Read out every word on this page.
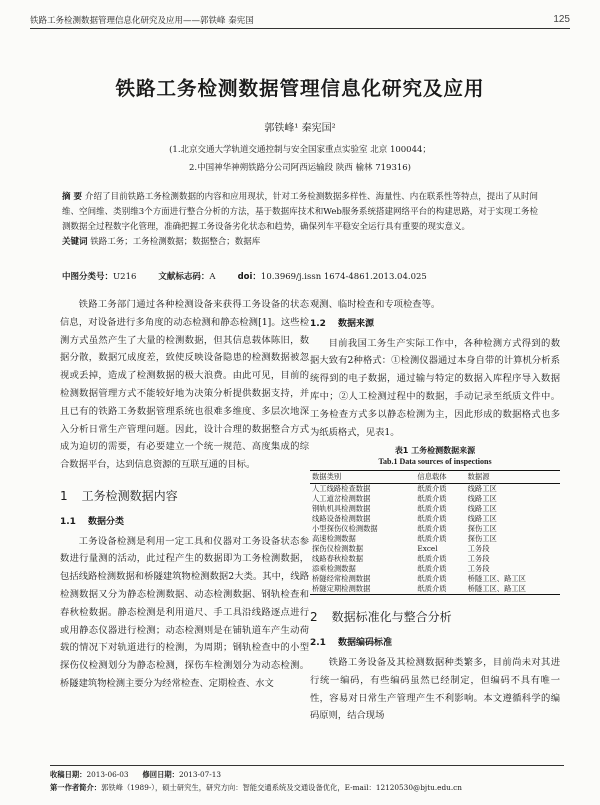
铁路工务检测数据管理信息化研究及应用——郭铁峰 秦宪国	125
铁路工务检测数据管理信息化研究及应用
郭铁峰¹ 秦宪国²
(1.北京交通大学轨道交通控制与安全国家重点实验室 北京 100044；
2.中国神华神朔铁路分公司阿西运输段 陕西 榆林 719316)
摘 要 介绍了目前铁路工务检测数据的内容和应用现状，针对工务检测数据多样性、海量性、内在联系性等特点，提出了从时间维、空间维、类别维3个方面进行整合分析的方法，基于数据库技术和Web服务系统搭建网络平台的构建思路，对于实现工务检测数据全过程数字化管理，准确把握工务设备劣化状态和趋势，确保列车平稳安全运行具有重要的现实意义。
关键词 铁路工务；工务检测数据；数据整合；数据库
中图分类号：U216	文献标志码：A	doi：10.3969/j.issn 1674-4861.2013.04.025

铁路工务部门通过各种检测设备来获得工务设备的状态信息，对设备进行多角度的动态检测和静态检测[1]。这些检测方式虽然产生了大量的检测数据，但其信息载体陈旧，数据分散，数据冗成度差，致使反映设备隐患的检测数据被忽视或丢掉，造成了检测数据的极大浪费。由此可见，目前的检测数据管理方式不能较好地为决策分析提供数据支持，并且已有的铁路工务数据管理系统也很难多维度、多层次地深入分析日常生产管理问题。因此，设计合理的数据整合方式成为迫切的需要，有必要建立一个统一规范、高度集成的综合数据平台，达到信息资源的互联互通的目标。

1 工务检测数据内容
1.1 数据分类

工务设备检测是利用一定工具和仪器对工务设备状态参数进行量测的活动，此过程产生的数据即为工务检测数据，包括线路检测数据和桥隧建筑物检测数据2大类。其中，线路检测数据又分为静态检测数据、动态检测数据、钢轨检查和春秋检数据。静态检测是利用道尺、手工具沿线路逐点进行或用静态仪器进行检测；动态检测则是在铺轨道车产生动荷载的情况下对轨道进行的检测，为周期；钢轨检查中的小型探伤仪检测划分为静态检测，探伤车检测划分为动态检测。桥隧建筑物检测主要分为经常检查、定期检查、水文

观测、临时检查和专项检查等。

1.2 数据来源

目前我国工务生产实际工作中，各种检测方式得到的数据大致有2种格式：①检测仪器通过本身自带的计算机分析系统得到的电子数据，通过输与特定的数据入库程序导入数据库中；②人工检测过程中的数据，手动记录至纸质文件中。工务检查方式多以静态检测为主，因此形成的数据格式也多为纸质格式，见表1。

表1 工务检测数据来源
Tab.1 Data sources of inspections
数据类别	信息载体	数据源
人工线路检查数据	纸质介质	线路工区
人工道岔检测数据	纸质介质	线路工区
钢轨机具检测数据	纸质介质	线路工区
线路设备检测数据	纸质介质	线路工区
小型探伤仪检测数据	纸质介质	探伤工区
高速检测数据	纸质介质	探伤工区
探伤仪检测数据	Excel	工务段
线路春秋检数据	纸质介质	工务段
添乘检测数据	纸质介质	工务段
桥隧经常检测数据	纸质介质	桥隧工区、路工区
桥隧定期检测数据	纸质介质	桥隧工区、路工区
2 数据标准化与整合分析
2.1 数据编码标准

铁路工务设备及其检测数据种类繁多，目前尚未对其进行统一编码，有些编码虽然已经制定，但编码不具有唯一性，容易对日常生产管理产生不利影响。本文遵循科学的编码原则，结合现场

收稿日期：2013-06-03 修回日期：2013-07-13
第一作者简介：郭铁峰（1989-），硕士研究生，研究方向：智能交通系统及交通设备优化，E-mail：12120530@bjtu.edu.cn
